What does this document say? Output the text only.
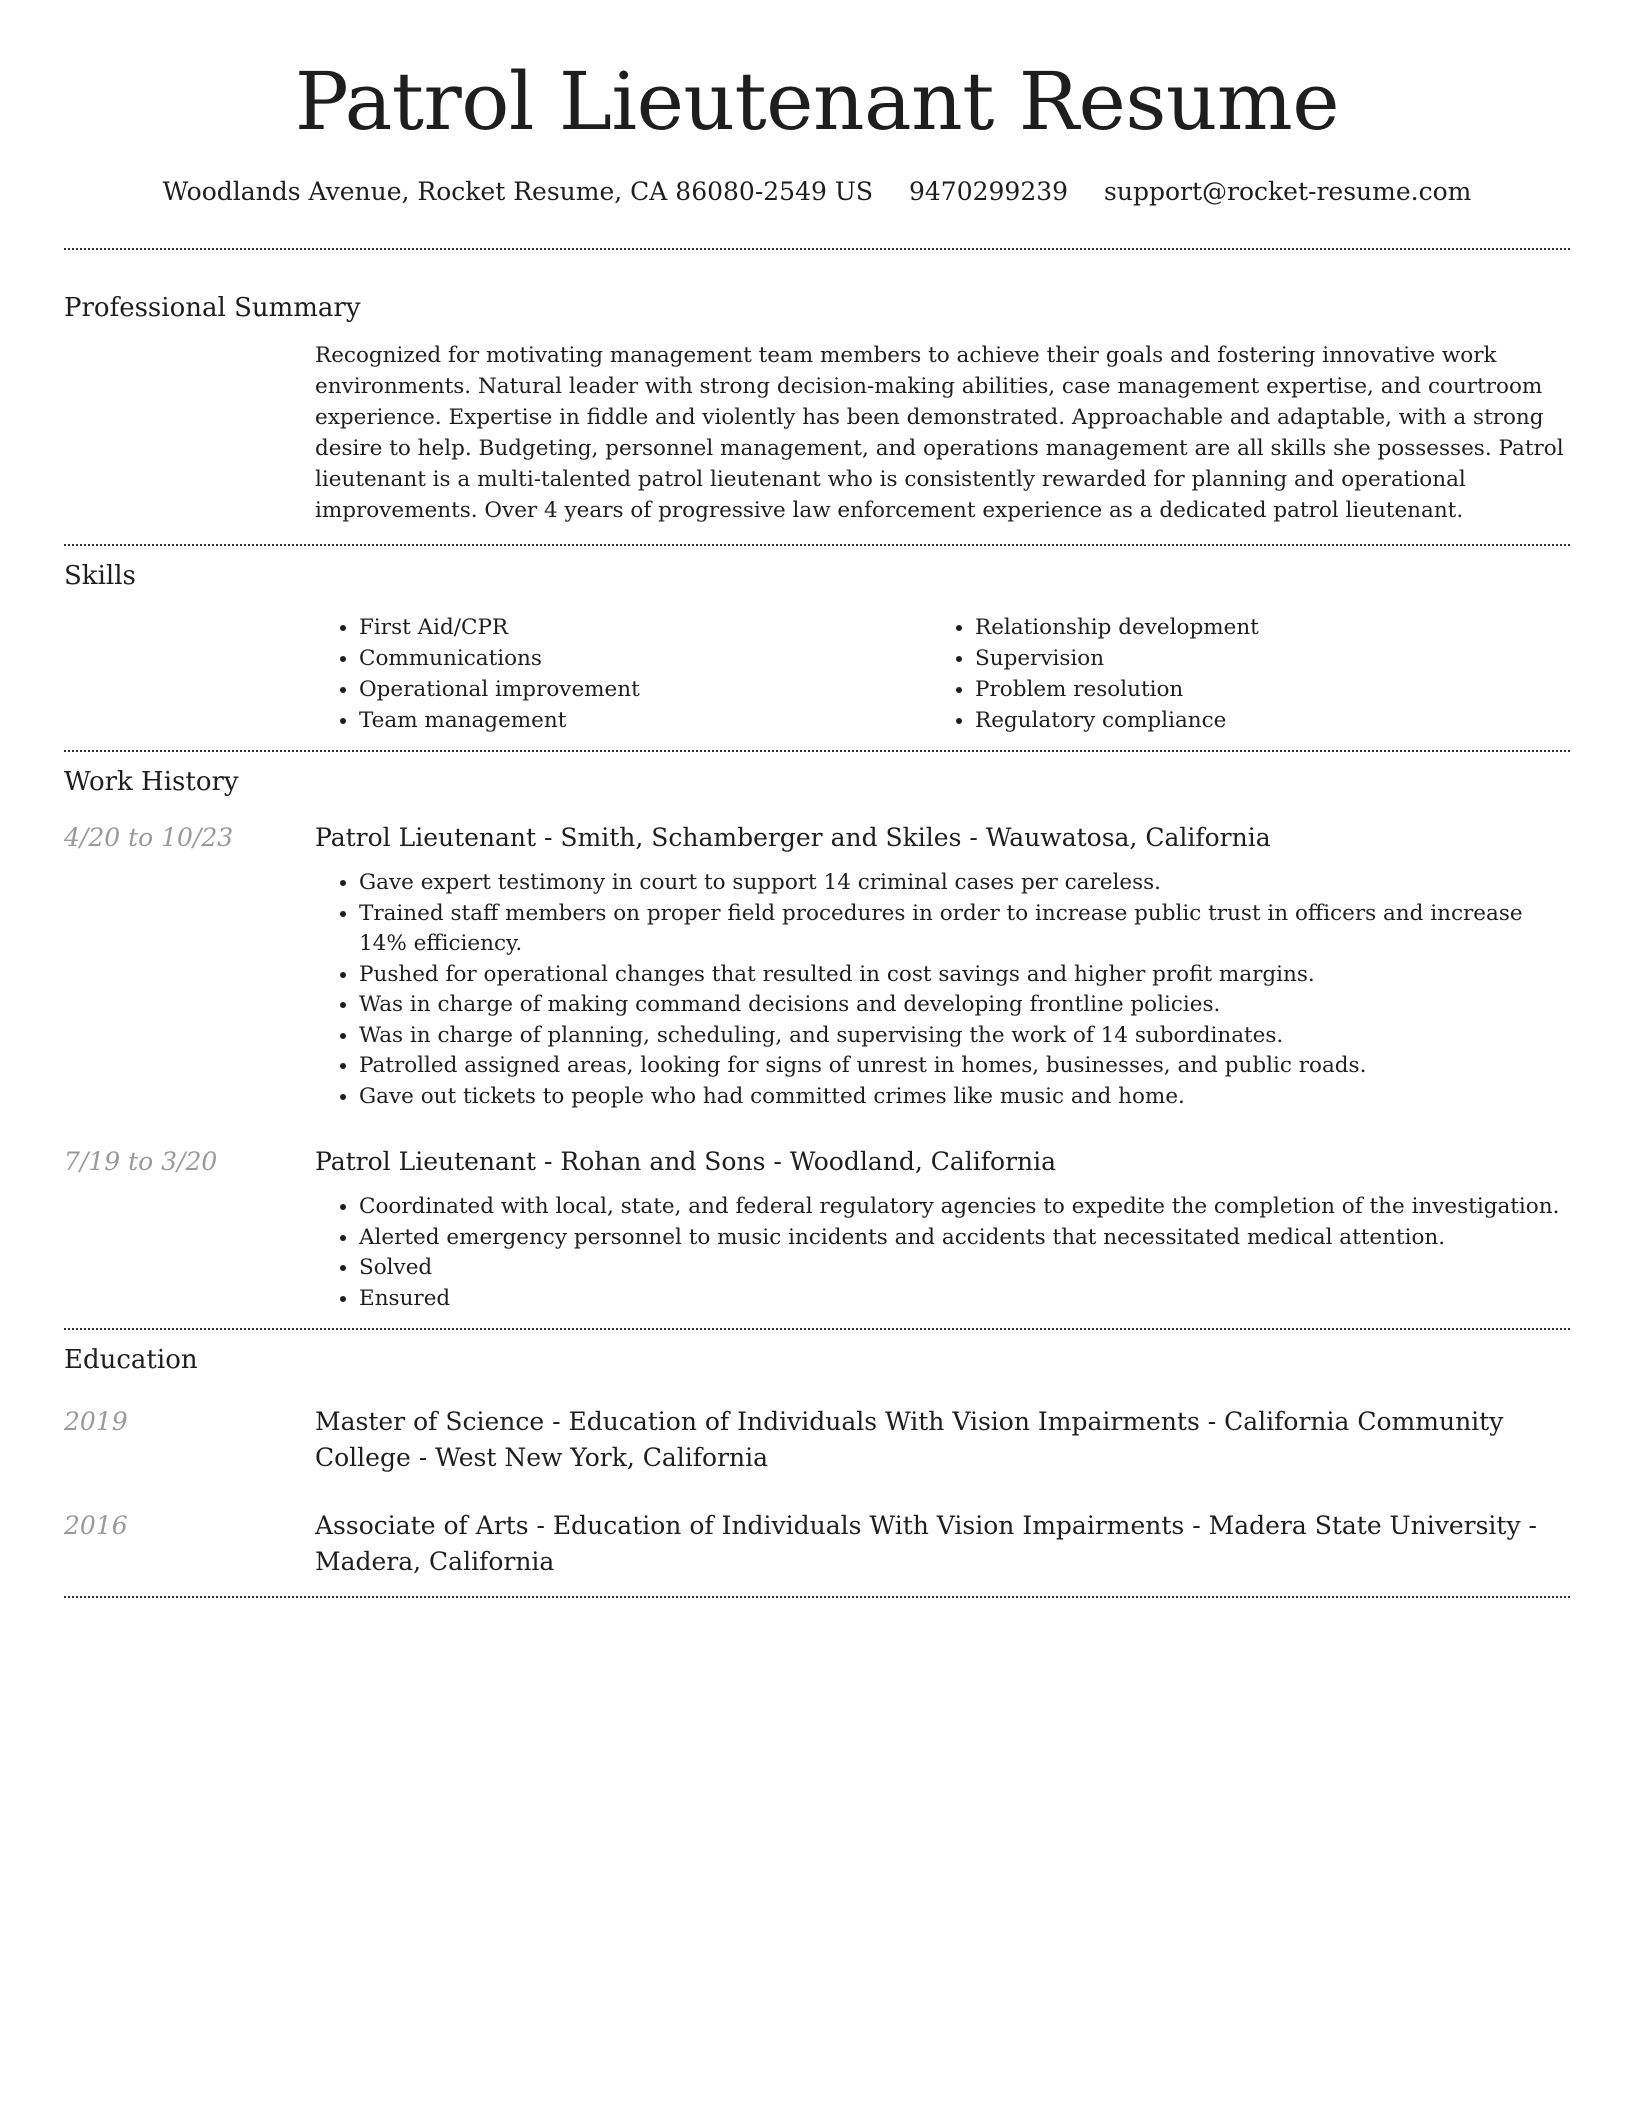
Patrol Lieutenant Resume
Woodlands Avenue, Rocket Resume, CA 86080-2549 US 9470299239 support@rocket-resume.com
Professional Summary
Recognized for motivating management team members to achieve their goals and fostering innovative work environments. Natural leader with strong decision-making abilities, case management expertise, and courtroom experience. Expertise in fiddle and violently has been demonstrated. Approachable and adaptable, with a strong desire to help. Budgeting, personnel management, and operations management are all skills she possesses. Patrol lieutenant is a multi-talented patrol lieutenant who is consistently rewarded for planning and operational improvements. Over 4 years of progressive law enforcement experience as a dedicated patrol lieutenant.
Skills
• First Aid/CPR
• Communications
• Operational improvement
• Team management
• Relationship development
• Supervision
• Problem resolution
• Regulatory compliance
Work History
4/20 to 10/23	Patrol Lieutenant - Smith, Schamberger and Skiles - Wauwatosa, California
• Gave expert testimony in court to support 14 criminal cases per careless.
• Trained staff members on proper field procedures in order to increase public trust in officers and increase 14% efficiency.
• Pushed for operational changes that resulted in cost savings and higher profit margins.
• Was in charge of making command decisions and developing frontline policies.
• Was in charge of planning, scheduling, and supervising the work of 14 subordinates.
• Patrolled assigned areas, looking for signs of unrest in homes, businesses, and public roads.
• Gave out tickets to people who had committed crimes like music and home.
7/19 to 3/20	Patrol Lieutenant - Rohan and Sons - Woodland, California
• Coordinated with local, state, and federal regulatory agencies to expedite the completion of the investigation.
• Alerted emergency personnel to music incidents and accidents that necessitated medical attention.
• Solved
• Ensured
Education
2019	Master of Science - Education of Individuals With Vision Impairments - California Community College - West New York, California
2016	Associate of Arts - Education of Individuals With Vision Impairments - Madera State University - Madera, California
